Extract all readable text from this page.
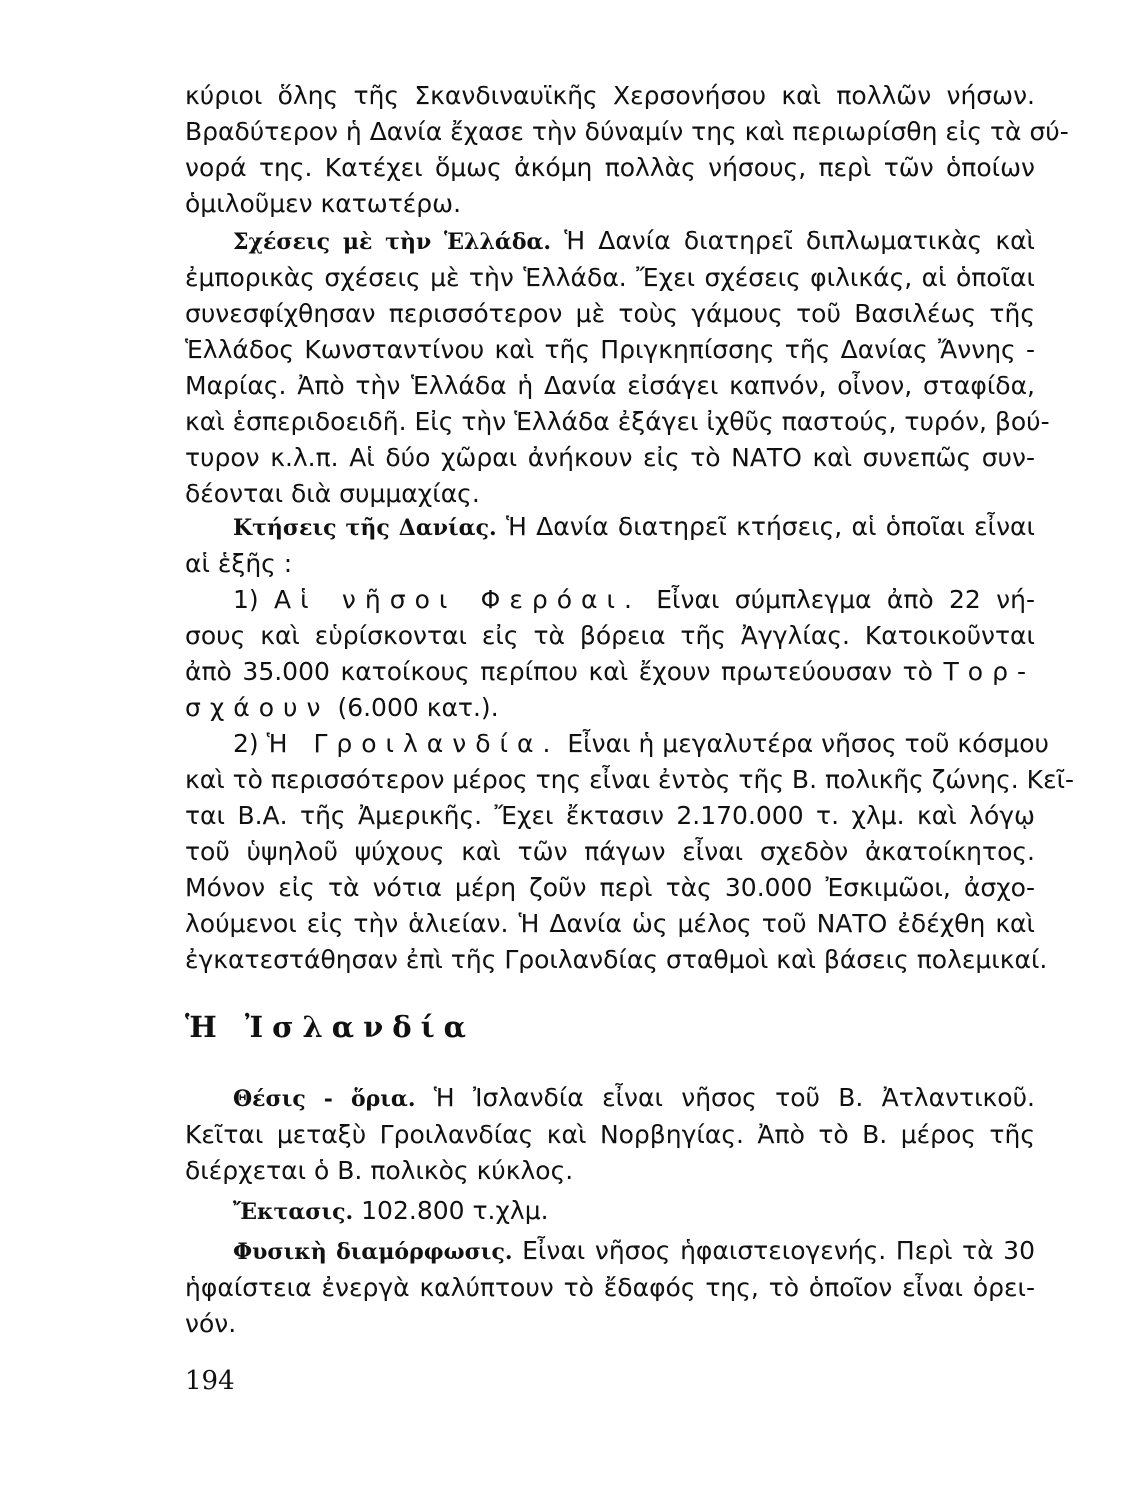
κύριοι ὅλης τῆς Σκανδιναυϊκῆς Χερσονήσου καὶ πολλῶν νήσων.
Βραδύτερον ἡ Δανία ἔχασε τὴν δύναμίν της καὶ περιωρίσθη εἰς τὰ σύ-
νορά της. Κατέχει ὅμως ἀκόμη πολλὰς νήσους, περὶ τῶν ὁποίων
ὁμιλοῦμεν κατωτέρω.
Σχέσεις μὲ τὴν Ἑλλάδα. Ἡ Δανία διατηρεῖ διπλωματικὰς καὶ
ἐμπορικὰς σχέσεις μὲ τὴν Ἑλλάδα. Ἔχει σχέσεις φιλικάς, αἱ ὁποῖαι
συνεσφίχθησαν περισσότερον μὲ τοὺς γάμους τοῦ Βασιλέως τῆς
Ἑλλάδος Κωνσταντίνου καὶ τῆς Πριγκηπίσσης τῆς Δανίας Ἄννης -
Μαρίας. Ἀπὸ τὴν Ἑλλάδα ἡ Δανία εἰσάγει καπνόν, οἶνον, σταφίδα,
καὶ ἑσπεριδοειδῆ. Εἰς τὴν Ἑλλάδα ἐξάγει ἰχθῦς παστούς, τυρόν, βού-
τυρον κ.λ.π. Αἱ δύο χῶραι ἀνήκουν εἰς τὸ ΝΑΤΟ καὶ συνεπῶς συν-
δέονται διὰ συμμαχίας.
Κτήσεις τῆς Δανίας. Ἡ Δανία διατηρεῖ κτήσεις, αἱ ὁποῖαι εἶναι
αἱ ἑξῆς :
1) Αἱ νῆσοι Φερόαι. Εἶναι σύμπλεγμα ἀπὸ 22 νή-
σους καὶ εὑρίσκονται εἰς τὰ βόρεια τῆς Ἀγγλίας. Κατοικοῦνται
ἀπὸ 35.000 κατοίκους περίπου καὶ ἔχουν πρωτεύουσαν τὸ Τορ-
σχάουν (6.000 κατ.).
2) Ἡ Γροιλανδία. Εἶναι ἡ μεγαλυτέρα νῆσος τοῦ κόσμου
καὶ τὸ περισσότερον μέρος της εἶναι ἐντὸς τῆς Β. πολικῆς ζώνης. Κεῖ-
ται Β.Α. τῆς Ἀμερικῆς. Ἔχει ἔκτασιν 2.170.000 τ. χλμ. καὶ λόγῳ
τοῦ ὑψηλοῦ ψύχους καὶ τῶν πάγων εἶναι σχεδὸν ἀκατοίκητος.
Μόνον εἰς τὰ νότια μέρη ζοῦν περὶ τὰς 30.000 Ἐσκιμῶοι, ἀσχο-
λούμενοι εἰς τὴν ἁλιείαν. Ἡ Δανία ὡς μέλος τοῦ ΝΑΤΟ ἐδέχθη καὶ
ἐγκατεστάθησαν ἐπὶ τῆς Γροιλανδίας σταθμοὶ καὶ βάσεις πολεμικαί.
Ἡ Ἰσλανδία
Θέσις - ὅρια. Ἡ Ἰσλανδία εἶναι νῆσος τοῦ Β. Ἀτλαντικοῦ.
Κεῖται μεταξὺ Γροιλανδίας καὶ Νορβηγίας. Ἀπὸ τὸ Β. μέρος τῆς
διέρχεται ὁ Β. πολικὸς κύκλος.
Ἔκτασις. 102.800 τ.χλμ.
Φυσικὴ διαμόρφωσις. Εἶναι νῆσος ἡφαιστειογενής. Περὶ τὰ 30
ἡφαίστεια ἐνεργὰ καλύπτουν τὸ ἔδαφός της, τὸ ὁποῖον εἶναι ὀρει-
νόν.
194
